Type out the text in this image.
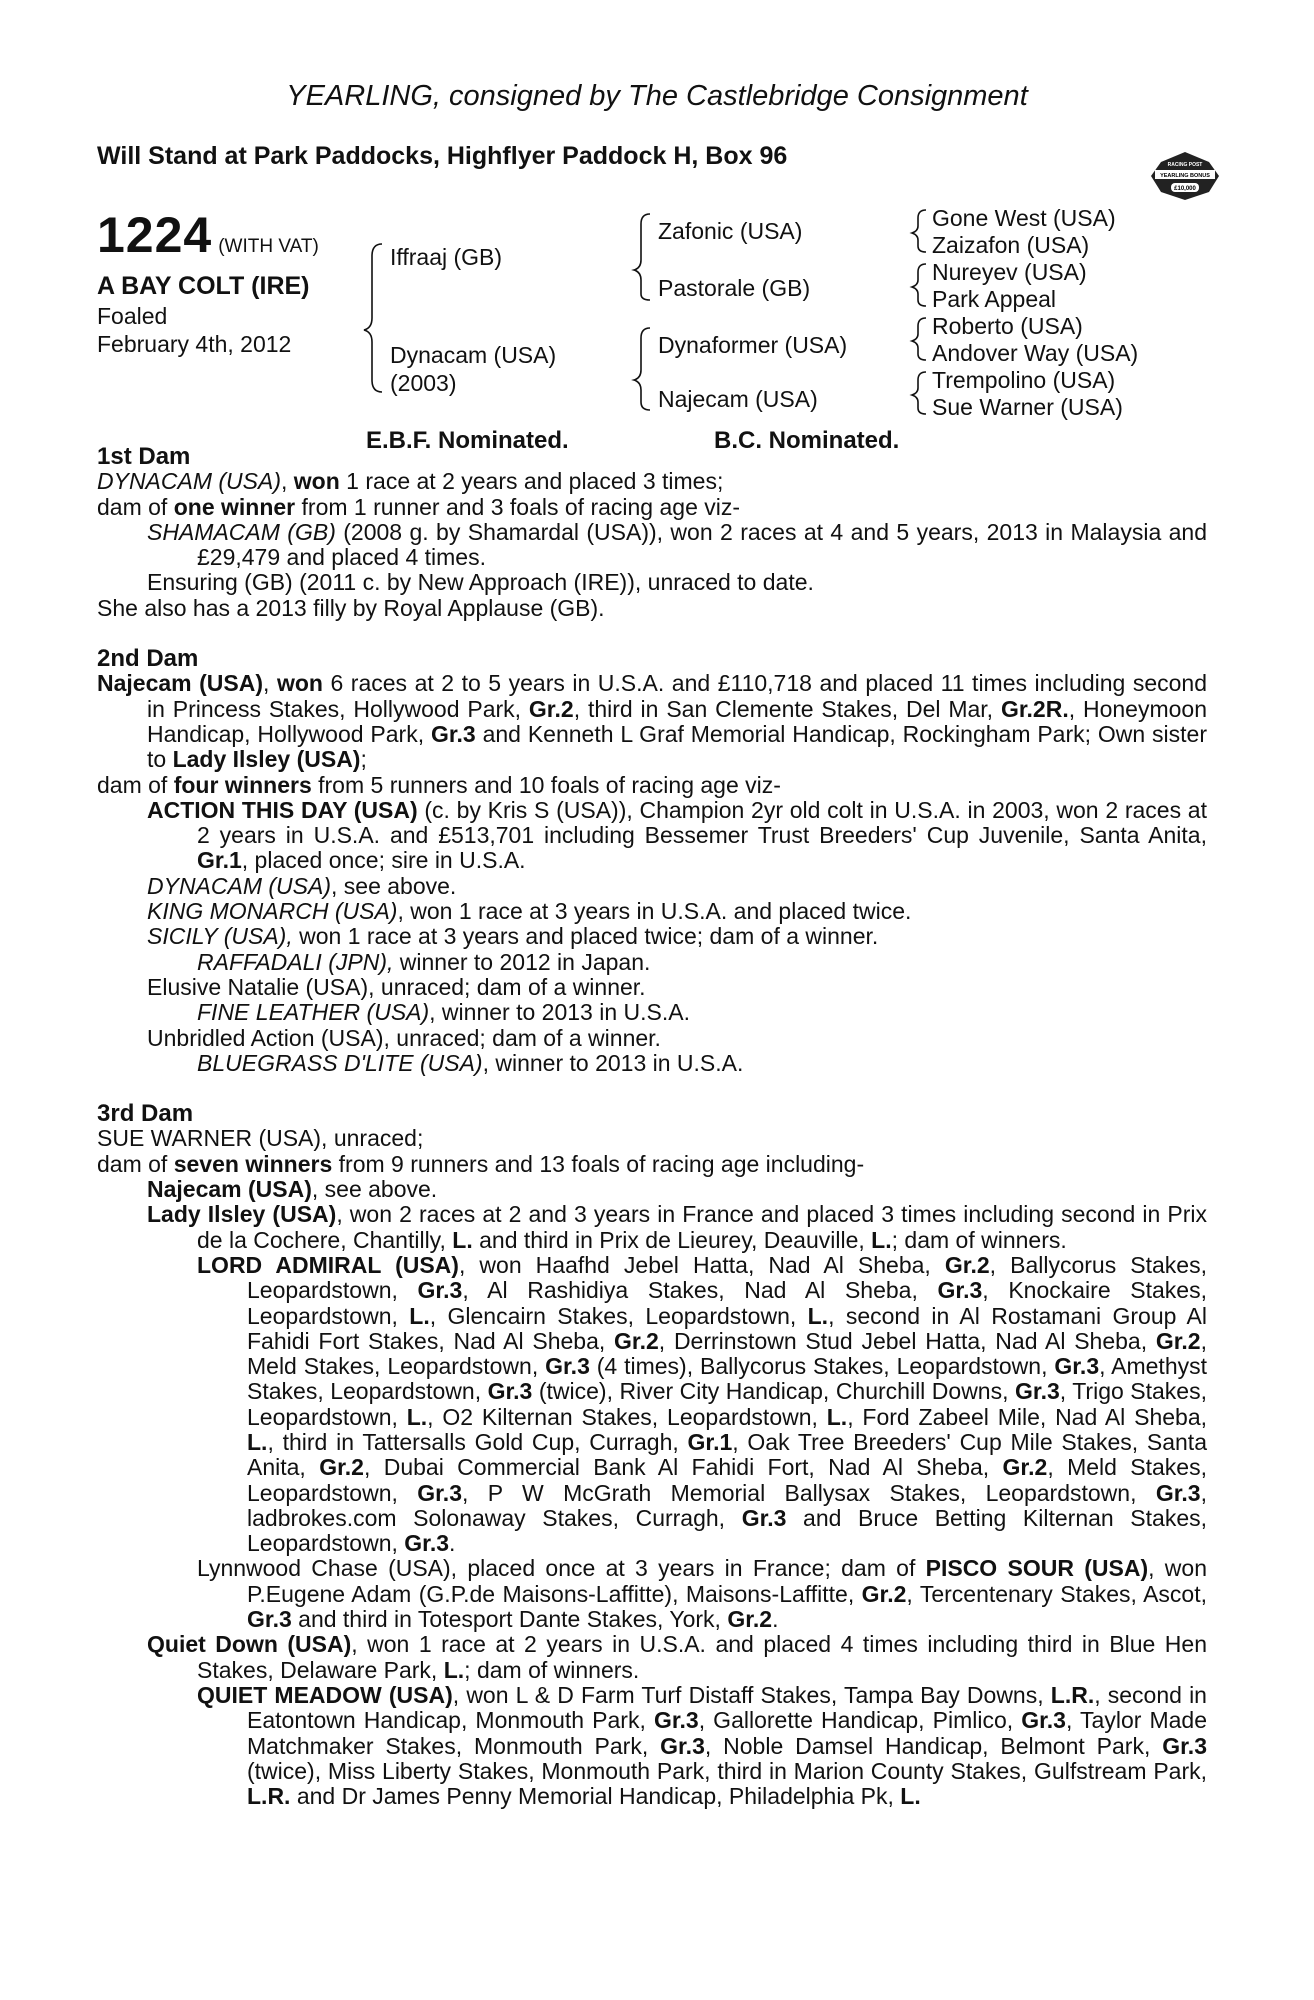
YEARLING, consigned by The Castlebridge Consignment
Will Stand at Park Paddocks, Highflyer Paddock H, Box 96	RACING POST
YEARLING BONUS
£10,000
1224 (WITH VAT)
A BAY COLT (IRE)
Foaled
February 4th, 2012
Iffraaj (GB)
Dynacam (USA)
(2003)
Zafonic (USA)
Pastorale (GB)
Dynaformer (USA)
Najecam (USA)
Gone West (USA)
Zaizafon (USA)
Nureyev (USA)
Park Appeal
Roberto (USA)
Andover Way (USA)
Trempolino (USA)
Sue Warner (USA)
E.B.F. Nominated.	B.C. Nominated.

1st Dam

DYNACAM (USA), won 1 race at 2 years and placed 3 times;

dam of one winner from 1 runner and 3 foals of racing age viz-

SHAMACAM (GB) (2008 g. by Shamardal (USA)), won 2 races at 4 and 5 years, 2013 in Malaysia and £29,479 and placed 4 times.

Ensuring (GB) (2011 c. by New Approach (IRE)), unraced to date.

She also has a 2013 filly by Royal Applause (GB).

2nd Dam

Najecam (USA), won 6 races at 2 to 5 years in U.S.A. and £110,718 and placed 11 times including second in Princess Stakes, Hollywood Park, Gr.2, third in San Clemente Stakes, Del Mar, Gr.2R., Honeymoon Handicap, Hollywood Park, Gr.3 and Kenneth L Graf Memorial Handicap, Rockingham Park; Own sister to Lady Ilsley (USA);

dam of four winners from 5 runners and 10 foals of racing age viz-

ACTION THIS DAY (USA) (c. by Kris S (USA)), Champion 2yr old colt in U.S.A. in 2003, won 2 races at 2 years in U.S.A. and £513,701 including Bessemer Trust Breeders' Cup Juvenile, Santa Anita, Gr.1, placed once; sire in U.S.A.

DYNACAM (USA), see above.

KING MONARCH (USA), won 1 race at 3 years in U.S.A. and placed twice.

SICILY (USA), won 1 race at 3 years and placed twice; dam of a winner.

RAFFADALI (JPN), winner to 2012 in Japan.

Elusive Natalie (USA), unraced; dam of a winner.

FINE LEATHER (USA), winner to 2013 in U.S.A.

Unbridled Action (USA), unraced; dam of a winner.

BLUEGRASS D'LITE (USA), winner to 2013 in U.S.A.

3rd Dam

SUE WARNER (USA), unraced;

dam of seven winners from 9 runners and 13 foals of racing age including-

Najecam (USA), see above.

Lady Ilsley (USA), won 2 races at 2 and 3 years in France and placed 3 times including second in Prix de la Cochere, Chantilly, L. and third in Prix de Lieurey, Deauville, L.; dam of winners.

LORD ADMIRAL (USA), won Haafhd Jebel Hatta, Nad Al Sheba, Gr.2, Ballycorus Stakes, Leopardstown, Gr.3, Al Rashidiya Stakes, Nad Al Sheba, Gr.3, Knockaire Stakes, Leopardstown, L., Glencairn Stakes, Leopardstown, L., second in Al Rostamani Group Al Fahidi Fort Stakes, Nad Al Sheba, Gr.2, Derrinstown Stud Jebel Hatta, Nad Al Sheba, Gr.2, Meld Stakes, Leopardstown, Gr.3 (4 times), Ballycorus Stakes, Leopardstown, Gr.3, Amethyst Stakes, Leopardstown, Gr.3 (twice), River City Handicap, Churchill Downs, Gr.3, Trigo Stakes, Leopardstown, L., O2 Kilternan Stakes, Leopardstown, L., Ford Zabeel Mile, Nad Al Sheba, L., third in Tattersalls Gold Cup, Curragh, Gr.1, Oak Tree Breeders' Cup Mile Stakes, Santa Anita, Gr.2, Dubai Commercial Bank Al Fahidi Fort, Nad Al Sheba, Gr.2, Meld Stakes, Leopardstown, Gr.3, P W McGrath Memorial Ballysax Stakes, Leopardstown, Gr.3, ladbrokes.com Solonaway Stakes, Curragh, Gr.3 and Bruce Betting Kilternan Stakes, Leopardstown, Gr.3.

Lynnwood Chase (USA), placed once at 3 years in France; dam of PISCO SOUR (USA), won P.Eugene Adam (G.P.de Maisons-Laffitte), Maisons-Laffitte, Gr.2, Tercentenary Stakes, Ascot, Gr.3 and third in Totesport Dante Stakes, York, Gr.2.

Quiet Down (USA), won 1 race at 2 years in U.S.A. and placed 4 times including third in Blue Hen Stakes, Delaware Park, L.; dam of winners.

QUIET MEADOW (USA), won L & D Farm Turf Distaff Stakes, Tampa Bay Downs, L.R., second in Eatontown Handicap, Monmouth Park, Gr.3, Gallorette Handicap, Pimlico, Gr.3, Taylor Made Matchmaker Stakes, Monmouth Park, Gr.3, Noble Damsel Handicap, Belmont Park, Gr.3 (twice), Miss Liberty Stakes, Monmouth Park, third in Marion County Stakes, Gulfstream Park, L.R. and Dr James Penny Memorial Handicap, Philadelphia Pk, L.
